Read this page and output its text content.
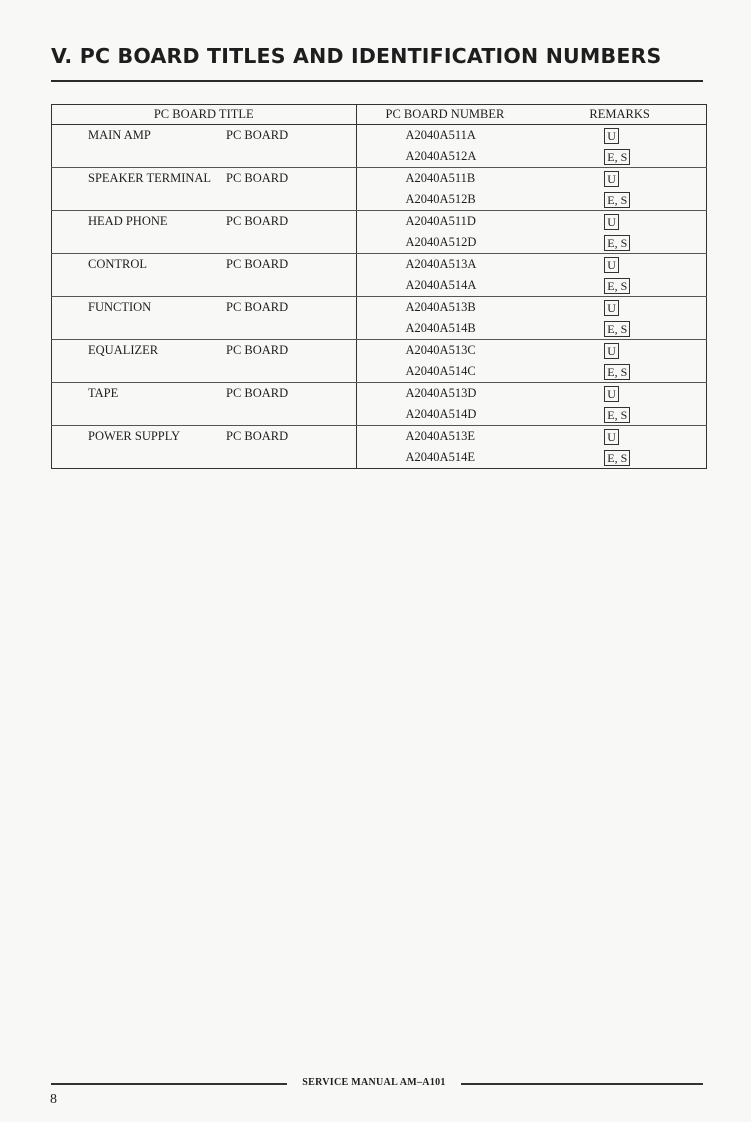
V. PC BOARD TITLES AND IDENTIFICATION NUMBERS
PC BOARD TITLE	PC BOARD NUMBER	REMARKS
MAIN AMP PC BOARD	A2040A511A	U
	A2040A512A	E, S
SPEAKER TERMINAL PC BOARD	A2040A511B	U
	A2040A512B	E, S
HEAD PHONE PC BOARD	A2040A511D	U
	A2040A512D	E, S
CONTROL PC BOARD	A2040A513A	U
	A2040A514A	E, S
FUNCTION PC BOARD	A2040A513B	U
	A2040A514B	E, S
EQUALIZER PC BOARD	A2040A513C	U
	A2040A514C	E, S
TAPE PC BOARD	A2040A513D	U
	A2040A514D	E, S
POWER SUPPLY PC BOARD	A2040A513E	U
	A2040A514E	E, S
SERVICE MANUAL AM–A101
8
